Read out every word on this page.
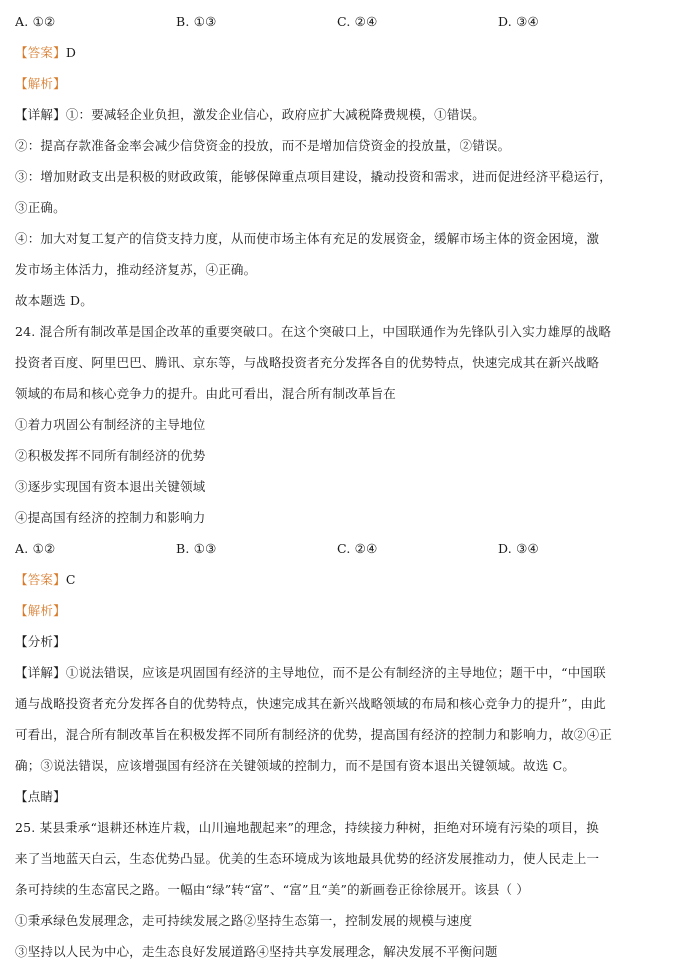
A. ①②	B. ①③	C. ②④	D. ③④
【答案】D
【解析】
【详解】①：要减轻企业负担，激发企业信心，政府应扩大减税降费规模，①错误。
②：提高存款准备金率会减少信贷资金的投放，而不是增加信贷资金的投放量，②错误。
③：增加财政支出是积极的财政政策，能够保障重点项目建设，撬动投资和需求，进而促进经济平稳运行，
③正确。
④：加大对复工复产的信贷支持力度，从而使市场主体有充足的发展资金，缓解市场主体的资金困境，激
发市场主体活力，推动经济复苏，④正确。
故本题选 D。
24. 混合所有制改革是国企改革的重要突破口。在这个突破口上，中国联通作为先锋队引入实力雄厚的战略
投资者百度、阿里巴巴、腾讯、京东等，与战略投资者充分发挥各自的优势特点，快速完成其在新兴战略
领域的布局和核心竞争力的提升。由此可看出，混合所有制改革旨在
①着力巩固公有制经济的主导地位
②积极发挥不同所有制经济的优势
③逐步实现国有资本退出关键领域
④提高国有经济的控制力和影响力
A. ①②	B. ①③	C. ②④	D. ③④
【答案】C
【解析】
【分析】
【详解】①说法错误，应该是巩固国有经济的主导地位，而不是公有制经济的主导地位；题干中，“中国联
通与战略投资者充分发挥各自的优势特点，快速完成其在新兴战略领域的布局和核心竞争力的提升”，由此
可看出，混合所有制改革旨在积极发挥不同所有制经济的优势，提高国有经济的控制力和影响力，故②④正
确；③说法错误，应该增强国有经济在关键领域的控制力，而不是国有资本退出关键领域。故选 C。
【点睛】
25. 某县秉承“退耕还林连片栽，山川遍地靓起来”的理念，持续接力种树，拒绝对环境有污染的项目，换
来了当地蓝天白云，生态优势凸显。优美的生态环境成为该地最具优势的经济发展推动力，使人民走上一
条可持续的生态富民之路。一幅由“绿”转“富”、“富”且“美”的新画卷正徐徐展开。该县（ ）
①秉承绿色发展理念，走可持续发展之路②坚持生态第一，控制发展的规模与速度
③坚持以人民为中心，走生态良好发展道路④坚持共享发展理念，解决发展不平衡问题
